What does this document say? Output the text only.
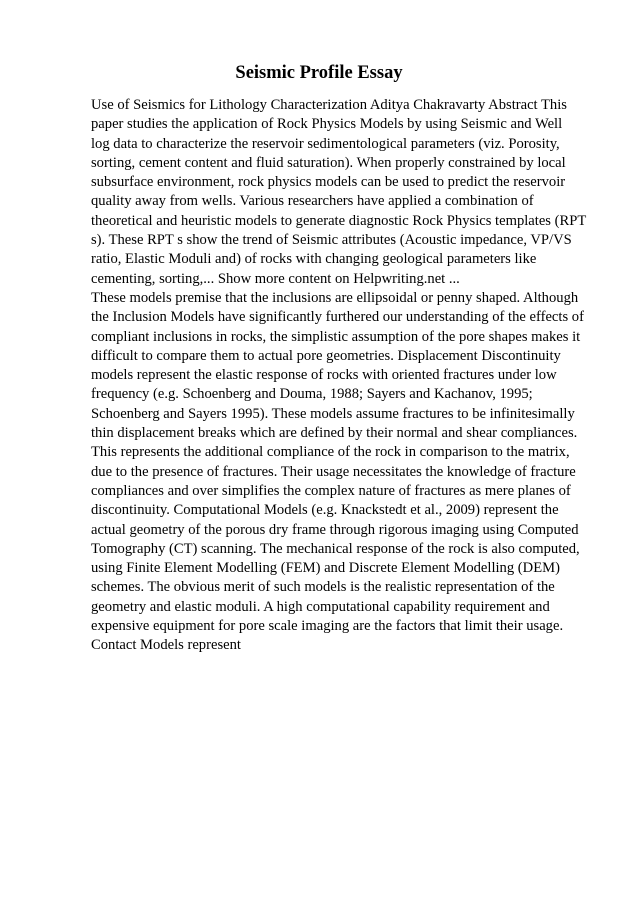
Seismic Profile Essay
Use of Seismics for Lithology Characterization Aditya Chakravarty Abstract This
paper studies the application of Rock Physics Models by using Seismic and Well
log data to characterize the reservoir sedimentological parameters (viz. Porosity,
sorting, cement content and fluid saturation). When properly constrained by local
subsurface environment, rock physics models can be used to predict the reservoir
quality away from wells. Various researchers have applied a combination of
theoretical and heuristic models to generate diagnostic Rock Physics templates (RPT
s). These RPT s show the trend of Seismic attributes (Acoustic impedance, VP/VS
ratio, Elastic Moduli and) of rocks with changing geological parameters like
cementing, sorting,... Show more content on Helpwriting.net ...
These models premise that the inclusions are ellipsoidal or penny shaped. Although
the Inclusion Models have significantly furthered our understanding of the effects of
compliant inclusions in rocks, the simplistic assumption of the pore shapes makes it
difficult to compare them to actual pore geometries. Displacement Discontinuity
models represent the elastic response of rocks with oriented fractures under low
frequency (e.g. Schoenberg and Douma, 1988; Sayers and Kachanov, 1995;
Schoenberg and Sayers 1995). These models assume fractures to be infinitesimally
thin displacement breaks which are defined by their normal and shear compliances.
This represents the additional compliance of the rock in comparison to the matrix,
due to the presence of fractures. Their usage necessitates the knowledge of fracture
compliances and over simplifies the complex nature of fractures as mere planes of
discontinuity. Computational Models (e.g. Knackstedt et al., 2009) represent the
actual geometry of the porous dry frame through rigorous imaging using Computed
Tomography (CT) scanning. The mechanical response of the rock is also computed,
using Finite Element Modelling (FEM) and Discrete Element Modelling (DEM)
schemes. The obvious merit of such models is the realistic representation of the
geometry and elastic moduli. A high computational capability requirement and
expensive equipment for pore scale imaging are the factors that limit their usage.
Contact Models represent
